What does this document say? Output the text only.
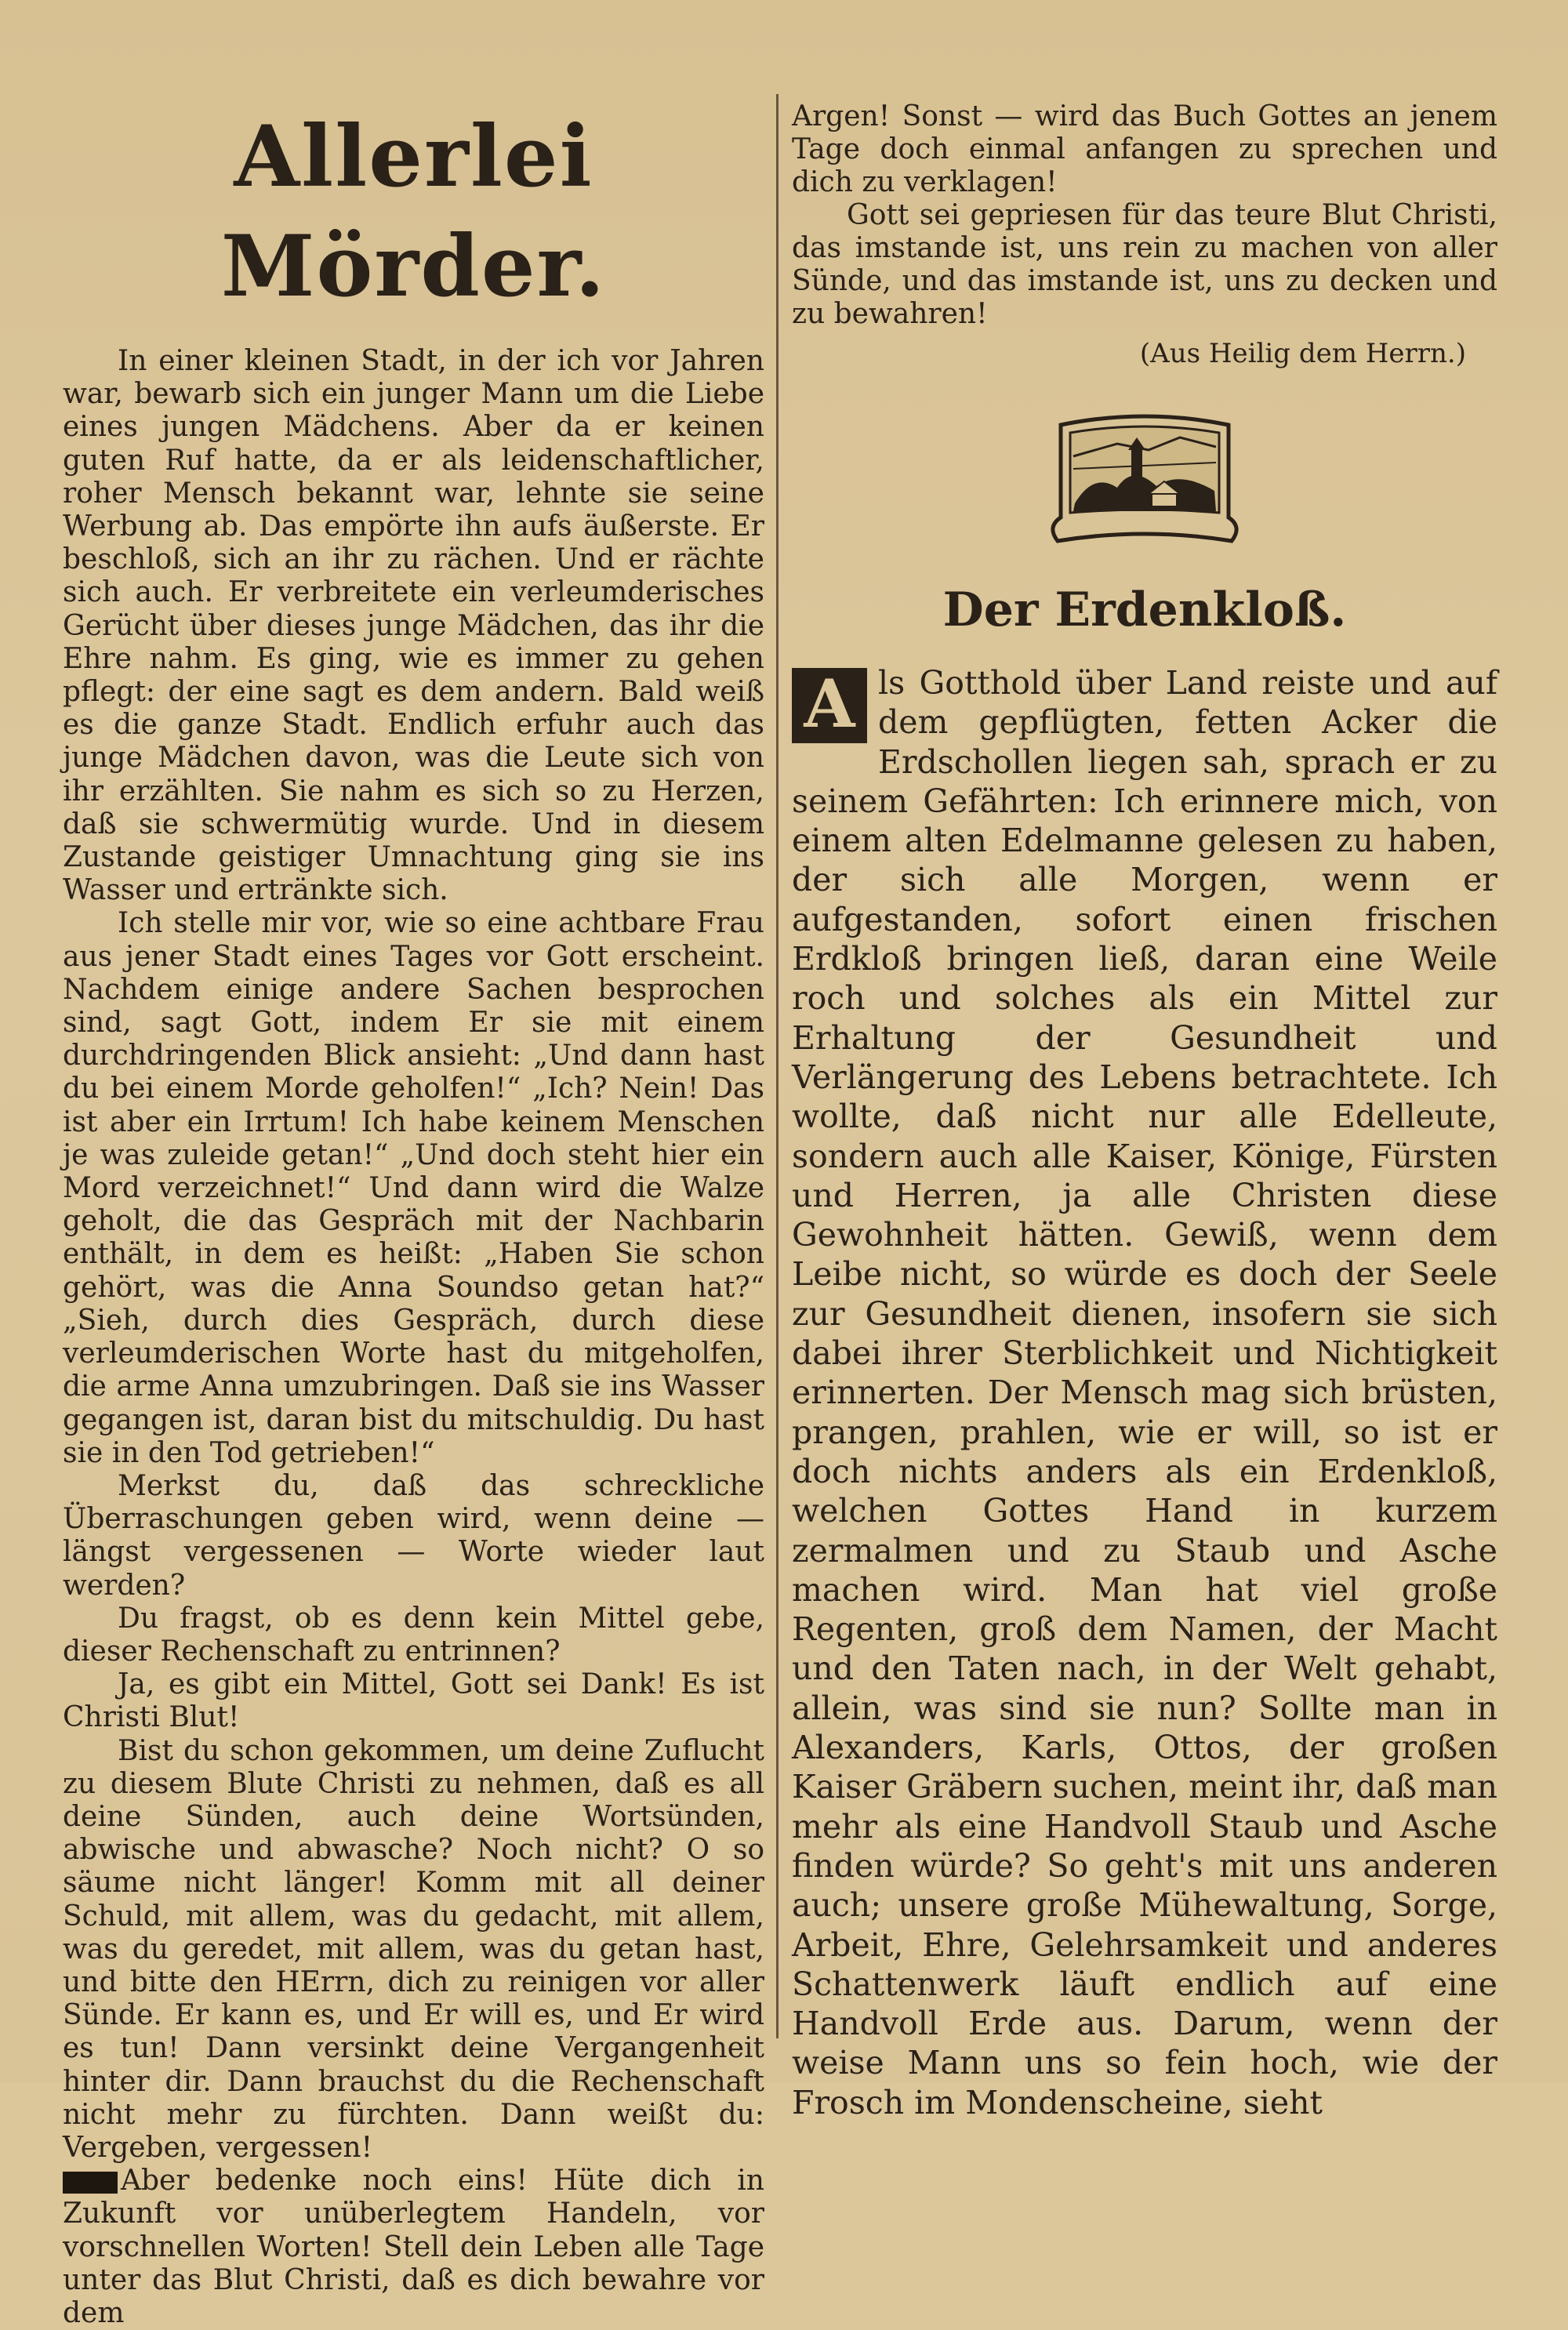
Allerlei Mörder.

In einer kleinen Stadt, in der ich vor Jahren war, bewarb sich ein junger Mann um die Liebe eines jungen Mädchens. Aber da er keinen guten Ruf hatte, da er als leidenschaftlicher, roher Mensch bekannt war, lehnte sie seine Werbung ab. Das empörte ihn aufs äußerste. Er beschloß, sich an ihr zu rächen. Und er rächte sich auch. Er verbreitete ein verleumderisches Gerücht über dieses junge Mädchen, das ihr die Ehre nahm. Es ging, wie es immer zu gehen pflegt: der eine sagt es dem andern. Bald weiß es die ganze Stadt. Endlich erfuhr auch das junge Mädchen davon, was die Leute sich von ihr erzählten. Sie nahm es sich so zu Herzen, daß sie schwermütig wurde. Und in diesem Zustande geistiger Umnachtung ging sie ins Wasser und ertränkte sich.

Ich stelle mir vor, wie so eine achtbare Frau aus jener Stadt eines Tages vor Gott erscheint. Nachdem einige andere Sachen besprochen sind, sagt Gott, indem Er sie mit einem durchdringenden Blick ansieht: „Und dann hast du bei einem Morde geholfen!“ „Ich? Nein! Das ist aber ein Irrtum! Ich habe keinem Menschen je was zuleide getan!“ „Und doch steht hier ein Mord verzeichnet!“ Und dann wird die Walze geholt, die das Gespräch mit der Nachbarin enthält, in dem es heißt: „Haben Sie schon gehört, was die Anna Soundso getan hat?“ „Sieh, durch dies Gespräch, durch diese verleumderischen Worte hast du mitgeholfen, die arme Anna umzubringen. Daß sie ins Wasser gegangen ist, daran bist du mitschuldig. Du hast sie in den Tod getrieben!“

Merkst du, daß das schreckliche Überraschungen geben wird, wenn deine — längst vergessenen — Worte wieder laut werden?

Du fragst, ob es denn kein Mittel gebe, dieser Rechenschaft zu entrinnen?

Ja, es gibt ein Mittel, Gott sei Dank! Es ist Christi Blut!

Bist du schon gekommen, um deine Zuflucht zu diesem Blute Christi zu nehmen, daß es all deine Sünden, auch deine Wortsünden, abwische und abwasche? Noch nicht? O so säume nicht länger! Komm mit all deiner Schuld, mit allem, was du gedacht, mit allem, was du geredet, mit allem, was du getan hast, und bitte den HErrn, dich zu reinigen vor aller Sünde. Er kann es, und Er will es, und Er wird es tun! Dann versinkt deine Vergangenheit hinter dir. Dann brauchst du die Rechenschaft nicht mehr zu fürchten. Dann weißt du: Vergeben, vergessen!

Aber bedenke noch eins! Hüte dich in Zukunft vor unüberlegtem Handeln, vor vorschnellen Worten! Stell dein Leben alle Tage unter das Blut Christi, daß es dich bewahre vor dem

Argen! Sonst — wird das Buch Gottes an jenem Tage doch einmal anfangen zu sprechen und dich zu verklagen!

Gott sei gepriesen für das teure Blut Christi, das imstande ist, uns rein zu machen von aller Sünde, und das imstande ist, uns zu decken und zu bewahren!

(Aus Heilig dem Herrn.)
Der Erdenkloß.
A ls Gotthold über Land reiste und auf dem gepflügten, fetten Acker die Erdschollen liegen sah, sprach er zu seinem Gefährten: Ich erinnere mich, von einem alten Edelmanne gelesen zu haben, der sich alle Morgen, wenn er aufgestanden, sofort einen frischen Erdkloß bringen ließ, daran eine Weile roch und solches als ein Mittel zur Erhaltung der Gesundheit und Verlängerung des Lebens betrachtete. Ich wollte, daß nicht nur alle Edelleute, sondern auch alle Kaiser, Könige, Fürsten und Herren, ja alle Christen diese Gewohnheit hätten. Gewiß, wenn dem Leibe nicht, so würde es doch der Seele zur Gesundheit dienen, insofern sie sich dabei ihrer Sterblichkeit und Nichtigkeit erinnerten. Der Mensch mag sich brüsten, prangen, prahlen, wie er will, so ist er doch nichts anders als ein Erdenkloß, welchen Gottes Hand in kurzem zermalmen und zu Staub und Asche machen wird. Man hat viel große Regenten, groß dem Namen, der Macht und den Taten nach, in der Welt gehabt, allein, was sind sie nun? Sollte man in Alexanders, Karls, Ottos, der großen Kaiser Gräbern suchen, meint ihr, daß man mehr als eine Handvoll Staub und Asche finden würde? So geht's mit uns anderen auch; unsere große Mühewaltung, Sorge, Arbeit, Ehre, Gelehrsamkeit und anderes Schattenwerk läuft endlich auf eine Handvoll Erde aus. Darum, wenn der weise Mann uns so fein hoch, wie der Frosch im Mondenscheine, sieht
